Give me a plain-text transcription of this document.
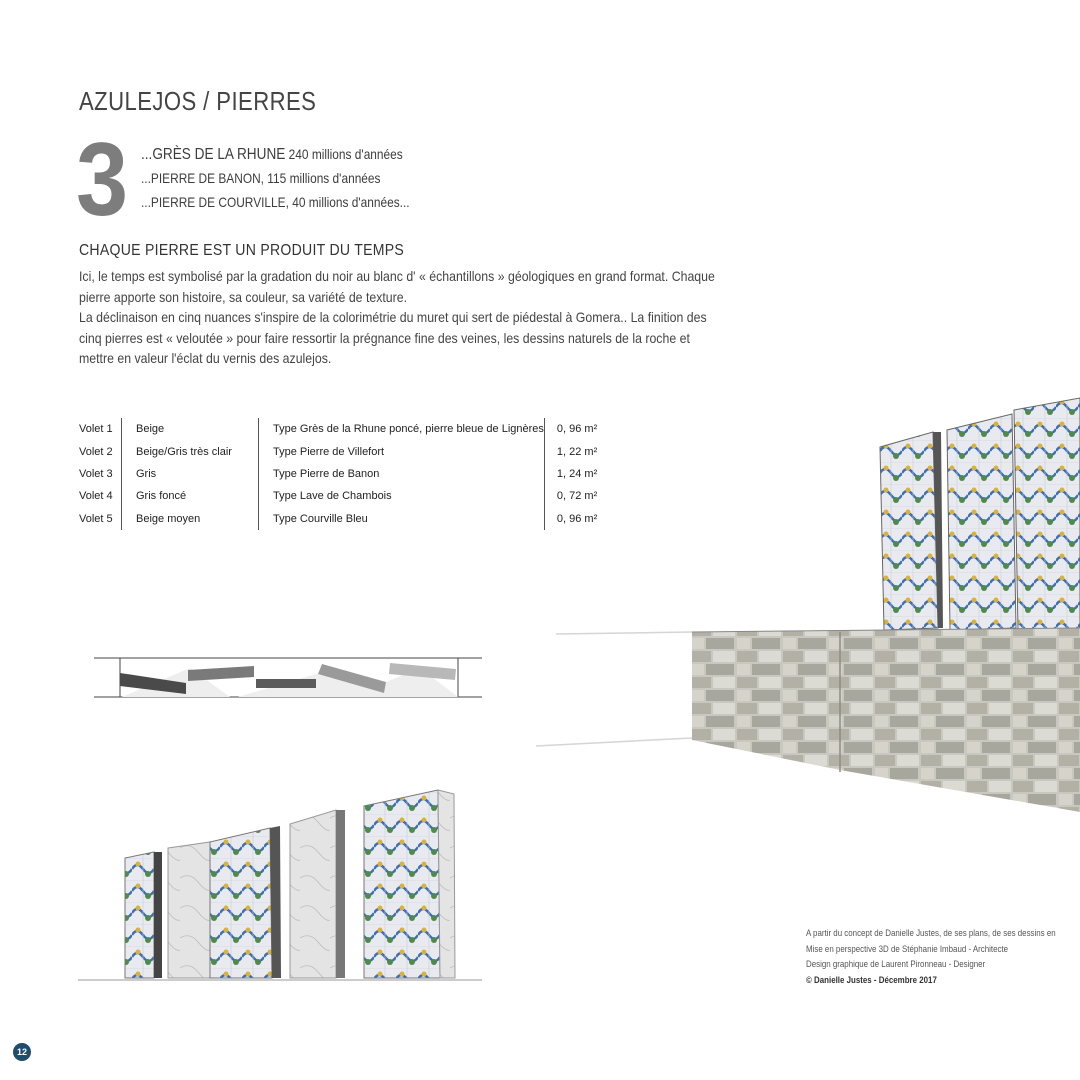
AZULEJOS / PIERRES
3 ...GRÈS DE LA RHUNE 240 millions d'années
...PIERRE DE BANON, 115 millions d'années
...PIERRE DE COURVILLE, 40 millions d'années...
CHAQUE PIERRE EST UN PRODUIT DU TEMPS

Ici, le temps est symbolisé par la gradation du noir au blanc d' « échantillons » géologiques en grand format. Chaque pierre apporte son histoire, sa couleur, sa variété de texture.

La déclinaison en cinq nuances s'inspire de la colorimétrie du muret qui sert de piédestal à Gomera.. La finition des cinq pierres est « veloutée » pour faire ressortir la prégnance fine des veines, les dessins naturels de la roche et mettre en valeur l'éclat du vernis des azulejos.

Volet 1	Beige	Type Grès de la Rhune poncé, pierre bleue de Lignères	0, 96 m²
Volet 2	Beige/Gris très clair	Type Pierre de Villefort	1, 22 m²
Volet 3	Gris	Type Pierre de Banon	1, 24 m²
Volet 4	Gris foncé	Type Lave de Chambois	0, 72 m²
Volet 5	Beige moyen	Type Courville Bleu	0, 96 m²
A partir du concept de Danielle Justes, de ses plans, de ses dessins en
Mise en perspective 3D de Stéphanie Imbaud - Architecte
Design graphique de Laurent Pironneau - Designer
© Danielle Justes - Décembre 2017
12
